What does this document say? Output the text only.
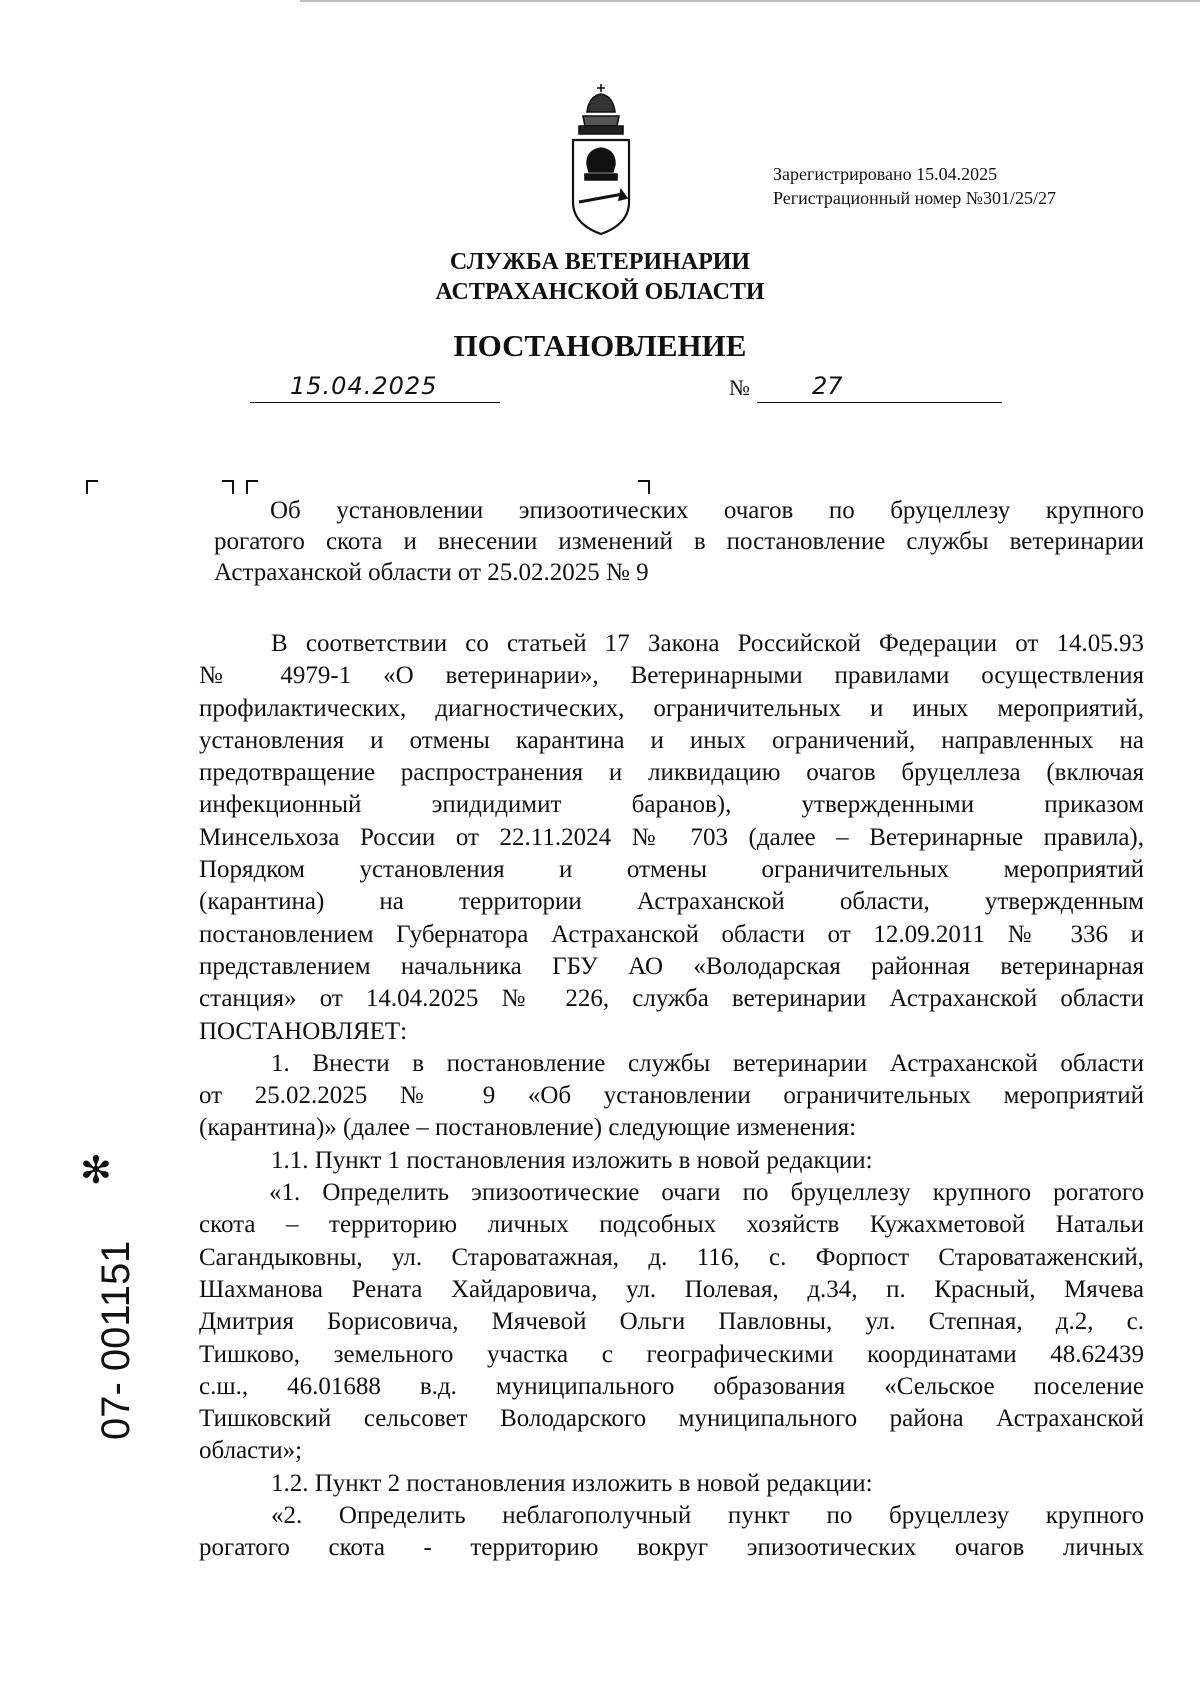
Зарегистрировано 15.04.2025
Регистрационный номер №301/25/27
СЛУЖБА ВЕТЕРИНАРИИ
АСТРАХАНСКОЙ ОБЛАСТИ
ПОСТАНОВЛЕНИЕ
15.04.2025	№	27
Об установлении эпизоотических очагов по бруцеллезу крупного
рогатого скота и внесении изменений в постановление службы ветеринарии
Астраханской области от 25.02.2025 № 9
В соответствии со статьей 17 Закона Российской Федерации от 14.05.93
№ 4979-1 «О ветеринарии», Ветеринарными правилами осуществления
профилактических, диагностических, ограничительных и иных мероприятий,
установления и отмены карантина и иных ограничений, направленных на
предотвращение распространения и ликвидацию очагов бруцеллеза (включая
инфекционный эпидидимит баранов), утвержденными приказом
Минсельхоза России от 22.11.2024 № 703 (далее – Ветеринарные правила),
Порядком установления и отмены ограничительных мероприятий
(карантина) на территории Астраханской области, утвержденным
постановлением Губернатора Астраханской области от 12.09.2011 № 336 и
представлением начальника ГБУ АО «Володарская районная ветеринарная
станция» от 14.04.2025 № 226, служба ветеринарии Астраханской области
ПОСТАНОВЛЯЕТ:
1. Внести в постановление службы ветеринарии Астраханской области
от 25.02.2025 № 9 «Об установлении ограничительных мероприятий
(карантина)» (далее – постановление) следующие изменения:
1.1. Пункт 1 постановления изложить в новой редакции:
«1. Определить эпизоотические очаги по бруцеллезу крупного рогатого
скота – территорию личных подсобных хозяйств Кужахметовой Натальи
Сагандыковны, ул. Староватажная, д. 116, с. Форпост Староватаженский,
Шахманова Рената Хайдаровича, ул. Полевая, д.34, п. Красный, Мячева
Дмитрия Борисовича, Мячевой Ольги Павловны, ул. Степная, д.2, с.
Тишково, земельного участка с географическими координатами 48.62439
с.ш., 46.01688 в.д. муниципального образования «Сельское поселение
Тишковский сельсовет Володарского муниципального района Астраханской
области»;
1.2. Пункт 2 постановления изложить в новой редакции:
«2. Определить неблагополучный пункт по бруцеллезу крупного
рогатого скота - территорию вокруг эпизоотических очагов личных
✻
07- 001151
